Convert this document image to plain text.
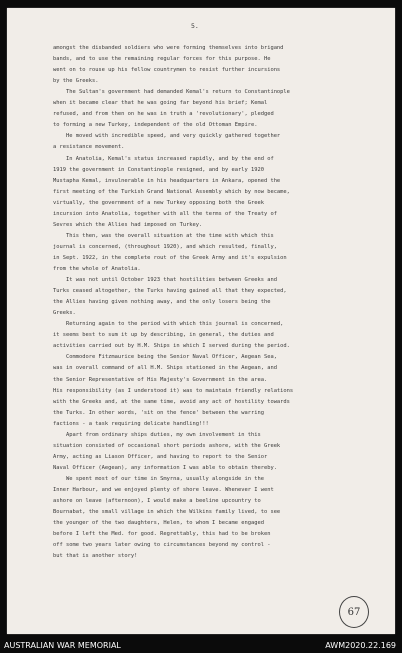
5.
amongst the disbanded soldiers who were forming themselves into brigand
bands, and to use the remaining regular forces for this purpose. He
went on to rouse up his fellow countrymen to resist further incursions
by the Greeks.
The Sultan's government had demanded Kemal's return to Constantinople
when it became clear that he was going far beyond his brief; Kemal
refused, and from then on he was in truth a 'revolutionary', pledged
to forming a new Turkey, independent of the old Ottoman Empire.
He moved with incredible speed, and very quickly gathered together
a resistance movement.
In Anatolia, Kemal's status increased rapidly, and by the end of
1919 the government in Constantinople resigned, and by early 1920
Mustapha Kemal, invulnerable in his headquarters in Ankara, opened the
first meeting of the Turkish Grand National Assembly which by now became,
virtually, the government of a new Turkey opposing both the Greek
incursion into Anatolia, together with all the terms of the Treaty of
Sevres which the Allies had imposed on Turkey.
This then, was the overall situation at the time with which this
journal is concerned, (throughout 1920), and which resulted, finally,
in Sept. 1922, in the complete rout of the Greek Army and it's expulsion
from the whole of Anatolia.
It was not until October 1923 that hostilities between Greeks and
Turks ceased altogether, the Turks having gained all that they expected,
the Allies having given nothing away, and the only losers being the
Greeks.
Returning again to the period with which this journal is concerned,
it seems best to sum it up by describing, in general, the duties and
activities carried out by H.M. Ships in which I served during the period.
Commodore Fitzmaurice being the Senior Naval Officer, Aegean Sea,
was in overall command of all H.M. Ships stationed in the Aegean, and
the Senior Representative of His Majesty's Government in the area.
His responsibility (as I understood it) was to maintain friendly relations
with the Greeks and, at the same time, avoid any act of hostility towards
the Turks. In other words, 'sit on the fence' between the warring
factions - a task requiring delicate handling!!!
Apart from ordinary ships duties, my own involvement in this
situation consisted of occasional short periods ashore, with the Greek
Army, acting as Liason Officer, and having to report to the Senior
Naval Officer (Aegean), any information I was able to obtain thereby.
We spent most of our time in Smyrna, usually alongside in the
Inner Harbour, and we enjoyed plenty of shore leave. Whenever I went
ashore on leave (afternoon), I would make a beeline upcountry to
Bournabat, the small village in which the Wilkins family lived, to see
the younger of the two daughters, Helen, to whom I became engaged
before I left the Med. for good. Regrettably, this had to be broken
off some two years later owing to circumstances beyond my control -
but that is another story!
67
AUSTRALIAN WAR MEMORIAL	AWM2020.22.169
